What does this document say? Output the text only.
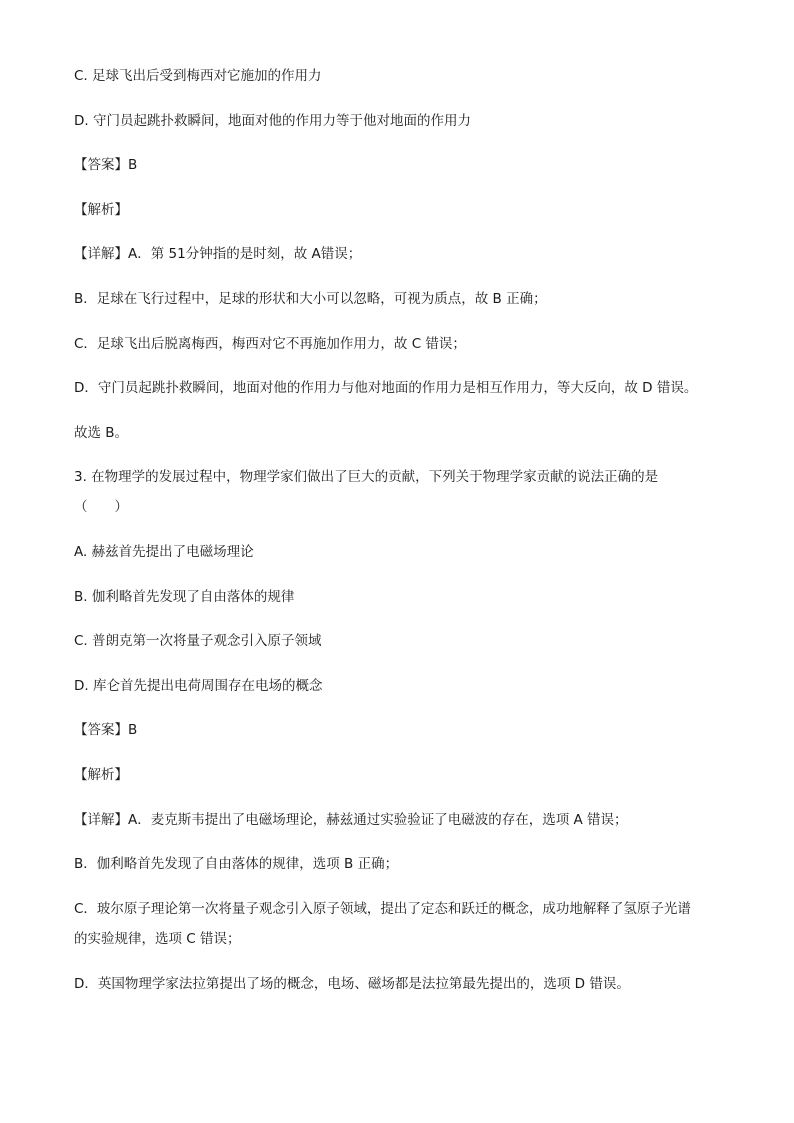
C. 足球飞出后受到梅西对它施加的作用力
D. 守门员起跳扑救瞬间，地面对他的作用力等于他对地面的作用力
【答案】B
【解析】
【详解】A．第 51分钟指的是时刻，故 A错误；
B．足球在飞行过程中，足球的形状和大小可以忽略，可视为质点，故 B 正确；
C．足球飞出后脱离梅西，梅西对它不再施加作用力，故 C 错误；
D．守门员起跳扑救瞬间，地面对他的作用力与他对地面的作用力是相互作用力，等大反向，故 D 错误。
故选 B。
3. 在物理学的发展过程中，物理学家们做出了巨大的贡献，下列关于物理学家贡献的说法正确的是
（　　）
A. 赫兹首先提出了电磁场理论
B. 伽利略首先发现了自由落体的规律
C. 普朗克第一次将量子观念引入原子领域
D. 库仑首先提出电荷周围存在电场的概念
【答案】B
【解析】
【详解】A．麦克斯韦提出了电磁场理论，赫兹通过实验验证了电磁波的存在，选项 A 错误；
B．伽利略首先发现了自由落体的规律，选项 B 正确；
C．玻尔原子理论第一次将量子观念引入原子领域，提出了定态和跃迁的概念，成功地解释了氢原子光谱
的实验规律，选项 C 错误；
D．英国物理学家法拉第提出了场的概念，电场、磁场都是法拉第最先提出的，选项 D 错误。
